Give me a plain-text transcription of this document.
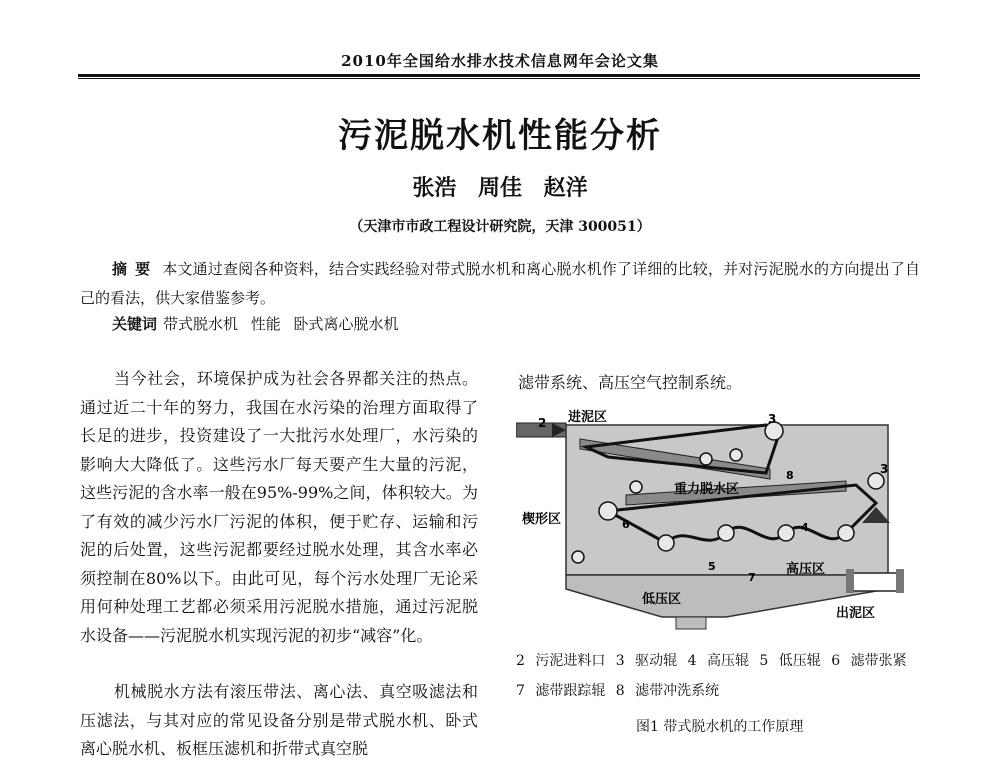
2010年全国给水排水技术信息网年会论文集
污泥脱水机性能分析
张浩 周佳 赵洋
（天津市市政工程设计研究院，天津 300051）
摘要 本文通过查阅各种资料，结合实践经验对带式脱水机和离心脱水机作了详细的比较，并对污泥脱水的方向提出了自己的看法，供大家借鉴参考。
关键词 带式脱水机 性能 卧式离心脱水机

当今社会，环境保护成为社会各界都关注的热点。通过近二十年的努力，我国在水污染的治理方面取得了长足的进步，投资建设了一大批污水处理厂，水污染的影响大大降低了。这些污水厂每天要产生大量的污泥，这些污泥的含水率一般在95%-99%之间，体积较大。为了有效的减少污水厂污泥的体积，便于贮存、运输和污泥的后处置，这些污泥都要经过脱水处理，其含水率必须控制在80%以下。由此可见，每个污水处理厂无论采用何种处理工艺都必须采用污泥脱水措施，通过污泥脱水设备——污泥脱水机实现污泥的初步“减容”化。

机械脱水方法有滚压带法、离心法、真空吸滤法和压滤法，与其对应的常见设备分别是带式脱水机、卧式离心脱水机、板框压滤机和折带式真空脱

滤带系统、高压空气控制系统。
2	3
3
4
5
6
7
8
进泥区
重力脱水区
楔形区
高压区
低压区
出泥区
2 污泥进料口 3 驱动辊 4 高压辊 5 低压辊 6 滤带张紧
7 滤带跟踪辊 8 滤带冲洗系统
图1 带式脱水机的工作原理
